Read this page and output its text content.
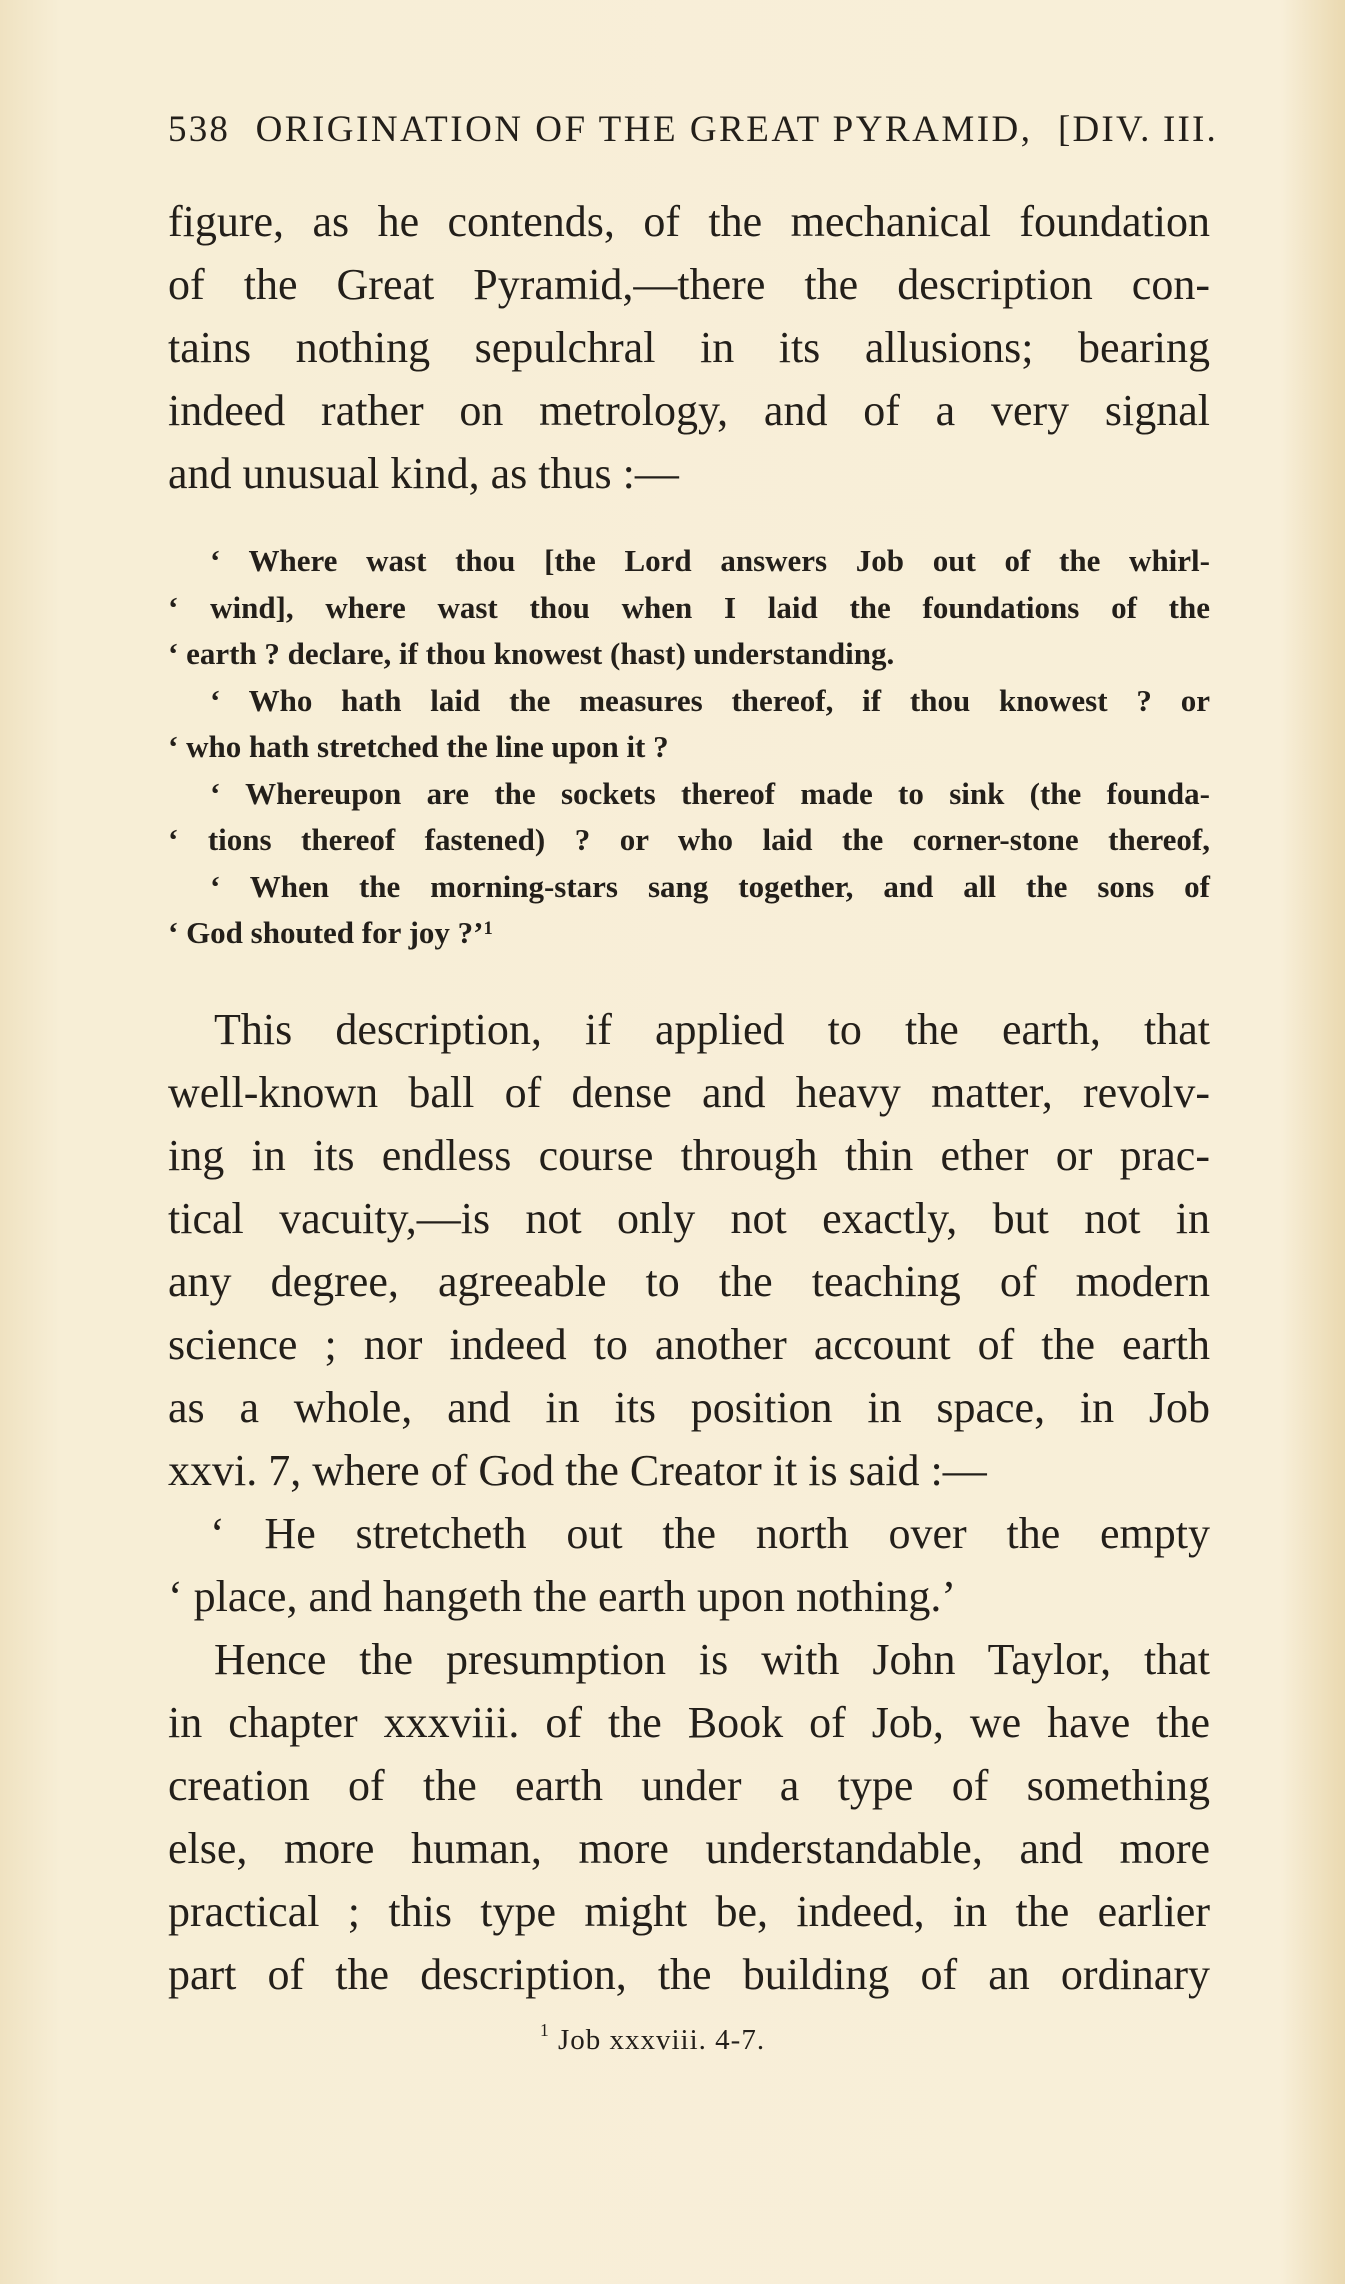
538 ORIGINATION OF THE GREAT PYRAMID, [DIV. III.
figure, as he contends, of the mechanical foundation
of the Great Pyramid,—there the description con-
tains nothing sepulchral in its allusions; bearing
indeed rather on metrology, and of a very signal
and unusual kind, as thus :—
‘ Where wast thou [the Lord answers Job out of the whirl-
‘ wind], where wast thou when I laid the foundations of the
‘ earth ? declare, if thou knowest (hast) understanding.
‘ Who hath laid the measures thereof, if thou knowest ? or
‘ who hath stretched the line upon it ?
‘ Whereupon are the sockets thereof made to sink (the founda-
‘ tions thereof fastened) ? or who laid the corner-stone thereof,
‘ When the morning-stars sang together, and all the sons of
‘ God shouted for joy ?’$^1$
This description, if applied to the earth, that
well-known ball of dense and heavy matter, revolv-
ing in its endless course through thin ether or prac-
tical vacuity,—is not only not exactly, but not in
any degree, agreeable to the teaching of modern
science ; nor indeed to another account of the earth
as a whole, and in its position in space, in Job
xxvi. 7, where of God the Creator it is said :—
‘ He stretcheth out the north over the empty
‘ place, and hangeth the earth upon nothing.’
Hence the presumption is with John Taylor, that
in chapter xxxviii. of the Book of Job, we have the
creation of the earth under a type of something
else, more human, more understandable, and more
practical ; this type might be, indeed, in the earlier
part of the description, the building of an ordinary
$^1$ Job xxxviii. 4-7.
